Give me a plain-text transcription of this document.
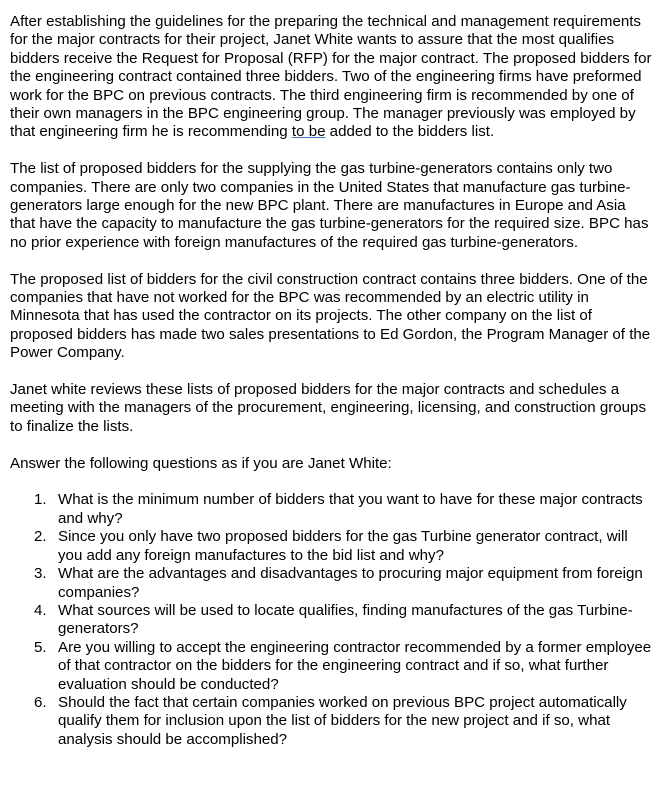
After establishing the guidelines for the preparing the technical and management requirements for the major contracts for their project, Janet White wants to assure that the most qualifies bidders receive the Request for Proposal (RFP) for the major contract. The proposed bidders for the engineering contract contained three bidders. Two of the engineering firms have preformed work for the BPC on previous contracts. The third engineering firm is recommended by one of their own managers in the BPC engineering group. The manager previously was employed by that engineering firm he is recommending to be added to the bidders list.

The list of proposed bidders for the supplying the gas turbine-generators contains only two companies. There are only two companies in the United States that manufacture gas turbine-generators large enough for the new BPC plant. There are manufactures in Europe and Asia that have the capacity to manufacture the gas turbine-generators for the required size. BPC has no prior experience with foreign manufactures of the required gas turbine-generators.

The proposed list of bidders for the civil construction contract contains three bidders. One of the companies that have not worked for the BPC was recommended by an electric utility in Minnesota that has used the contractor on its projects. The other company on the list of proposed bidders has made two sales presentations to Ed Gordon, the Program Manager of the Power Company.

Janet white reviews these lists of proposed bidders for the major contracts and schedules a meeting with the managers of the procurement, engineering, licensing, and construction groups to finalize the lists.

Answer the following questions as if you are Janet White:

1. What is the minimum number of bidders that you want to have for these major contracts and why?
2. Since you only have two proposed bidders for the gas Turbine generator contract, will you add any foreign manufactures to the bid list and why?
3. What are the advantages and disadvantages to procuring major equipment from foreign companies?
4. What sources will be used to locate qualifies, finding manufactures of the gas Turbine-generators?
5. Are you willing to accept the engineering contractor recommended by a former employee of that contractor on the bidders for the engineering contract and if so, what further evaluation should be conducted?
6. Should the fact that certain companies worked on previous BPC project automatically qualify them for inclusion upon the list of bidders for the new project and if so, what analysis should be accomplished?
